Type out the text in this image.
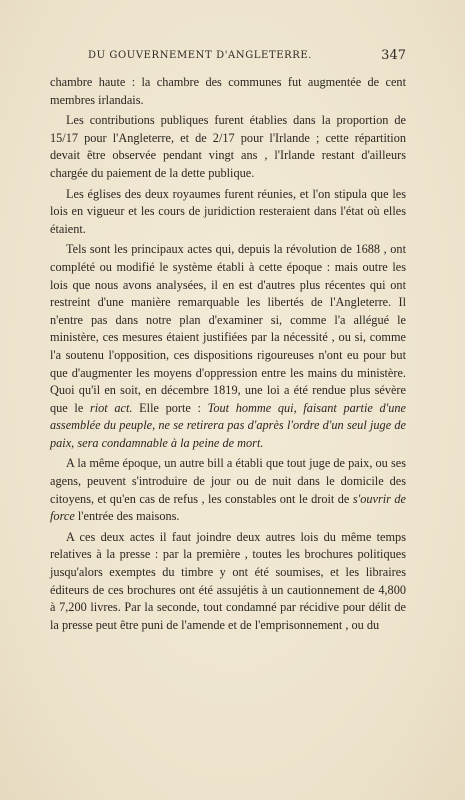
DU GOUVERNEMENT D'ANGLETERRE.	347

chambre haute : la chambre des communes fut augmentée de cent membres irlandais.

Les contributions publiques furent établies dans la proportion de 15/17 pour l'Angleterre, et de 2/17 pour l'Irlande ; cette répartition devait être observée pendant vingt ans , l'Irlande restant d'ailleurs chargée du paiement de la dette publique.

Les églises des deux royaumes furent réunies, et l'on stipula que les lois en vigueur et les cours de juridiction resteraient dans l'état où elles étaient.

Tels sont les principaux actes qui, depuis la révolution de 1688 , ont complété ou modifié le système établi à cette époque : mais outre les lois que nous avons analysées, il en est d'autres plus récentes qui ont restreint d'une manière remarquable les libertés de l'Angleterre. Il n'entre pas dans notre plan d'examiner si, comme l'a allégué le ministère, ces mesures étaient justifiées par la nécessité , ou si, comme l'a soutenu l'opposition, ces dispositions rigoureuses n'ont eu pour but que d'augmenter les moyens d'oppression entre les mains du ministère. Quoi qu'il en soit, en décembre 1819, une loi a été rendue plus sévère que le riot act. Elle porte : Tout homme qui, faisant partie d'une assemblée du peuple, ne se retirera pas d'après l'ordre d'un seul juge de paix, sera condamnable à la peine de mort.

A la même époque, un autre bill a établi que tout juge de paix, ou ses agens, peuvent s'introduire de jour ou de nuit dans le domicile des citoyens, et qu'en cas de refus , les constables ont le droit de s'ouvrir de force l'entrée des maisons.

A ces deux actes il faut joindre deux autres lois du même temps relatives à la presse : par la première , toutes les brochures politiques jusqu'alors exemptes du timbre y ont été soumises, et les libraires éditeurs de ces brochures ont été assujétis à un cautionnement de 4,800 à 7,200 livres. Par la seconde, tout condamné par récidive pour délit de la presse peut être puni de l'amende et de l'emprisonnement , ou du
